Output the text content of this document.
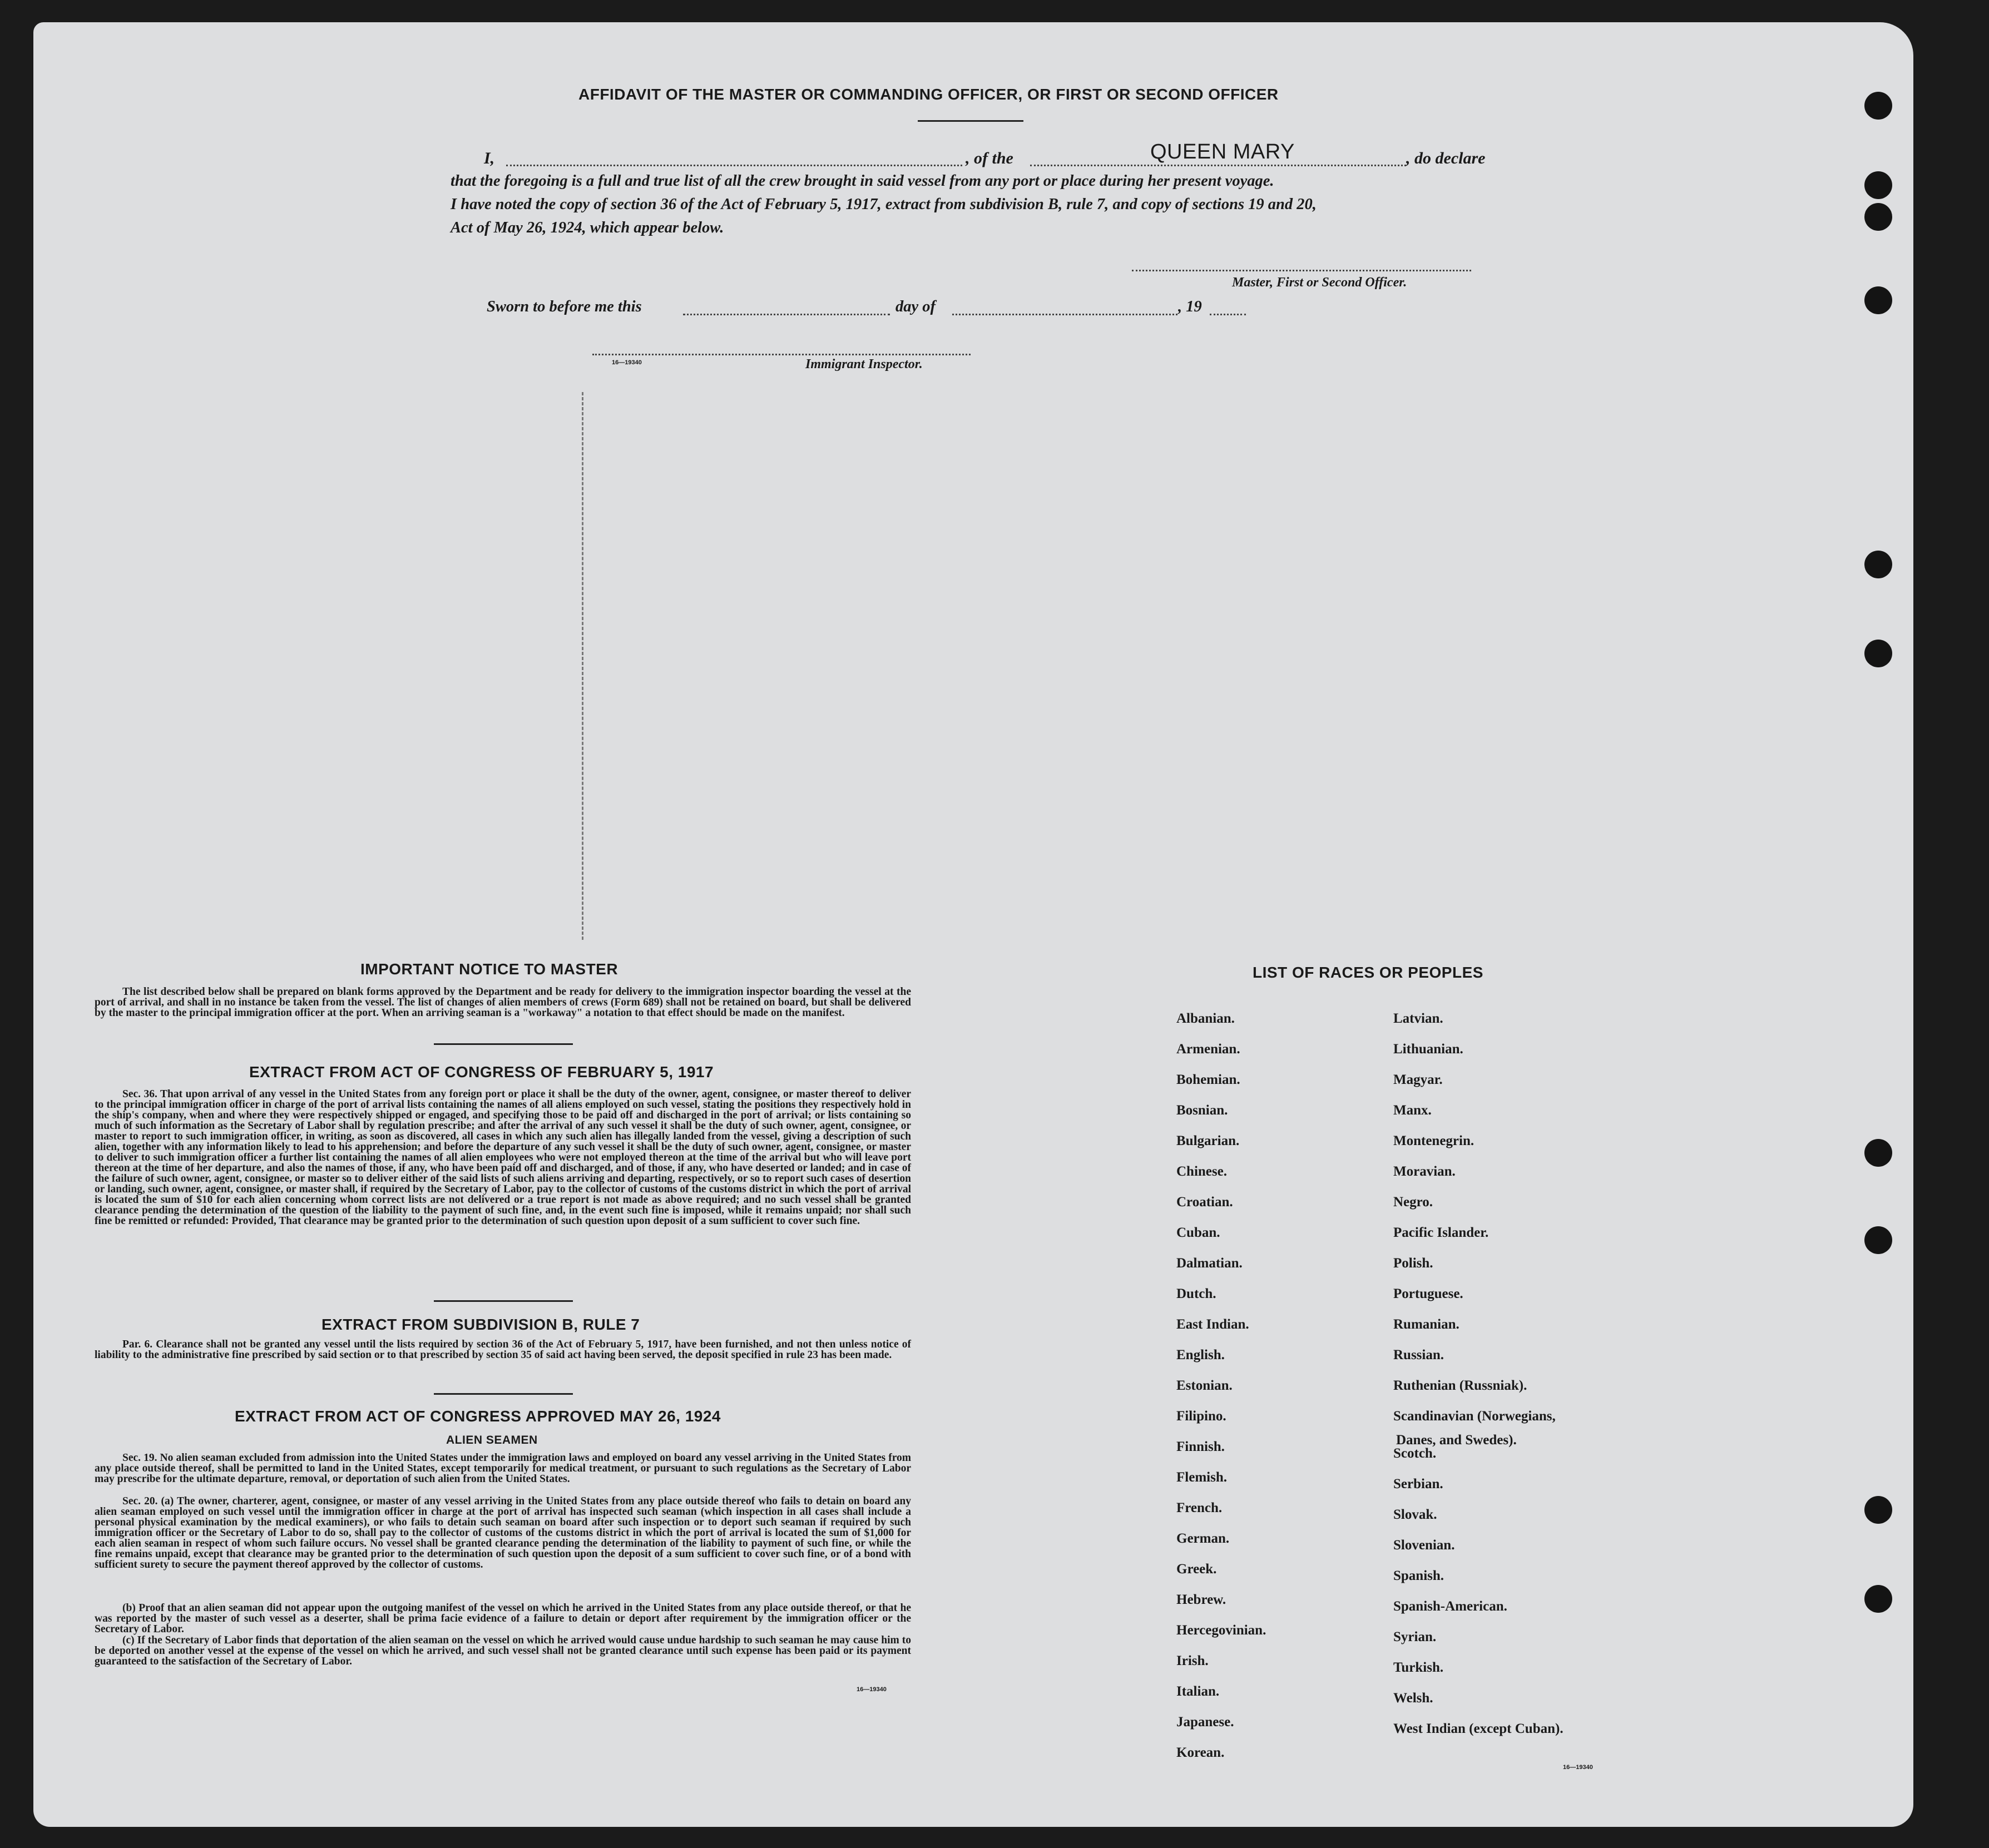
AFFIDAVIT OF THE MASTER OR COMMANDING OFFICER, OR FIRST OR SECOND OFFICER
I,	, of the	QUEEN MARY	, do declare
that the foregoing is a full and true list of all the crew brought in said vessel from any port or place during her present voyage.
I have noted the copy of section 36 of the Act of February 5, 1917, extract from subdivision B, rule 7, and copy of sections 19 and 20,
Act of May 26, 1924, which appear below.
Master, First or Second Officer.
Sworn to before me this	day of	, 19
16—19340	Immigrant Inspector.
IMPORTANT NOTICE TO MASTER
The list described below shall be prepared on blank forms approved by the Department and be ready for delivery to the immigration inspector boarding the vessel at the port of arrival, and shall in no instance be taken from the vessel. The list of changes of alien members of crews (Form 689) shall not be retained on board, but shall be delivered by the master to the principal immigration officer at the port. When an arriving seaman is a "workaway" a notation to that effect should be made on the manifest.
EXTRACT FROM ACT OF CONGRESS OF FEBRUARY 5, 1917
Sec. 36. That upon arrival of any vessel in the United States from any foreign port or place it shall be the duty of the owner, agent, consignee, or master thereof to deliver to the principal immigration officer in charge of the port of arrival lists containing the names of all aliens employed on such vessel, stating the positions they respectively hold in the ship's company, when and where they were respectively shipped or engaged, and specifying those to be paid off and discharged in the port of arrival; or lists containing so much of such information as the Secretary of Labor shall by regulation prescribe; and after the arrival of any such vessel it shall be the duty of such owner, agent, consignee, or master to report to such immigration officer, in writing, as soon as discovered, all cases in which any such alien has illegally landed from the vessel, giving a description of such alien, together with any information likely to lead to his apprehension; and before the departure of any such vessel it shall be the duty of such owner, agent, consignee, or master to deliver to such immigration officer a further list containing the names of all alien employees who were not employed thereon at the time of the arrival but who will leave port thereon at the time of her departure, and also the names of those, if any, who have been paid off and discharged, and of those, if any, who have deserted or landed; and in case of the failure of such owner, agent, consignee, or master so to deliver either of the said lists of such aliens arriving and departing, respectively, or so to report such cases of desertion or landing, such owner, agent, consignee, or master shall, if required by the Secretary of Labor, pay to the collector of customs of the customs district in which the port of arrival is located the sum of $10 for each alien concerning whom correct lists are not delivered or a true report is not made as above required; and no such vessel shall be granted clearance pending the determination of the question of the liability to the payment of such fine, and, in the event such fine is imposed, while it remains unpaid; nor shall such fine be remitted or refunded: Provided, That clearance may be granted prior to the determination of such question upon deposit of a sum sufficient to cover such fine.
EXTRACT FROM SUBDIVISION B, RULE 7
Par. 6. Clearance shall not be granted any vessel until the lists required by section 36 of the Act of February 5, 1917, have been furnished, and not then unless notice of liability to the administrative fine prescribed by said section or to that prescribed by section 35 of said act having been served, the deposit specified in rule 23 has been made.
EXTRACT FROM ACT OF CONGRESS APPROVED MAY 26, 1924
ALIEN SEAMEN
Sec. 19. No alien seaman excluded from admission into the United States under the immigration laws and employed on board any vessel arriving in the United States from any place outside thereof, shall be permitted to land in the United States, except temporarily for medical treatment, or pursuant to such regulations as the Secretary of Labor may prescribe for the ultimate departure, removal, or deportation of such alien from the United States.
Sec. 20. (a) The owner, charterer, agent, consignee, or master of any vessel arriving in the United States from any place outside thereof who fails to detain on board any alien seaman employed on such vessel until the immigration officer in charge at the port of arrival has inspected such seaman (which inspection in all cases shall include a personal physical examination by the medical examiners), or who fails to detain such seaman on board after such inspection or to deport such seaman if required by such immigration officer or the Secretary of Labor to do so, shall pay to the collector of customs of the customs district in which the port of arrival is located the sum of $1,000 for each alien seaman in respect of whom such failure occurs. No vessel shall be granted clearance pending the determination of the liability to payment of such fine, or while the fine remains unpaid, except that clearance may be granted prior to the determination of such question upon the deposit of a sum sufficient to cover such fine, or of a bond with sufficient surety to secure the payment thereof approved by the collector of customs.
(b) Proof that an alien seaman did not appear upon the outgoing manifest of the vessel on which he arrived in the United States from any place outside thereof, or that he was reported by the master of such vessel as a deserter, shall be prima facie evidence of a failure to detain or deport after requirement by the immigration officer or the Secretary of Labor.
(c) If the Secretary of Labor finds that deportation of the alien seaman on the vessel on which he arrived would cause undue hardship to such seaman he may cause him to be deported on another vessel at the expense of the vessel on which he arrived, and such vessel shall not be granted clearance until such expense has been paid or its payment guaranteed to the satisfaction of the Secretary of Labor.
16—19340
LIST OF RACES OR PEOPLES
Albanian.
Armenian.
Bohemian.
Bosnian.
Bulgarian.
Chinese.
Croatian.
Cuban.
Dalmatian.
Dutch.
East Indian.
English.
Estonian.
Filipino.
Finnish.
Flemish.
French.
German.
Greek.
Hebrew.
Hercegovinian.
Irish.
Italian.
Japanese.
Korean.
Latvian.
Lithuanian.
Magyar.
Manx.
Montenegrin.
Moravian.
Negro.
Pacific Islander.
Polish.
Portuguese.
Rumanian.
Russian.
Ruthenian (Russniak).
Scandinavian (Norwegians,
Scotch.
Serbian.
Slovak.
Slovenian.
Spanish.
Spanish-American.
Syrian.
Turkish.
Welsh.
West Indian (except Cuban).
Danes, and Swedes).
16—19340
